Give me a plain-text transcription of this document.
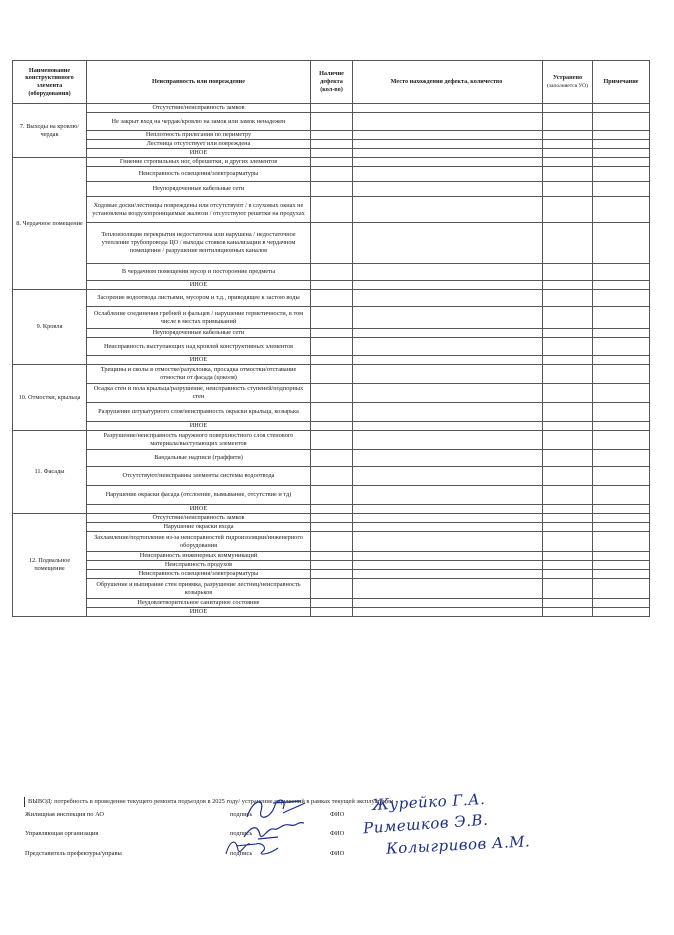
Наименование конструктивного элемента (оборудования)	Неисправность или повреждение	Наличие дефекта (кол-во)	Место нахождения дефекта, количество	Устранено
(заполняется УО)	Примечание
7. Выходы на кровлю/чердак	Отсутствие/неисправность замков				
	Не закрыт вход на чердак/кровлю на замок или замок ненадежен				
	Неплотность прилегания по периметру				
	Лестница отсутствует или повреждена				
	ИНОЕ				
8. Чердачное помещение	Гниение стропильных ног, обрешетки, и других элементов				
	Неисправность освещения/электроарматуры				
	Неупорядоченные кабельные сети				
	Ходовые доски/лестницы повреждены или отсутствуют / в слуховых окнах не установлены воздухопроницаемые жалюзи / отсутствуют решетки на продухах				
	Теплоизоляция перекрытия недостаточна или нарушена / недостаточное утепление трубопровода ЦО / выходы стояков канализации в чердачном помещении / разрушение вентиляционных каналов				
	В чердачном помещении мусор и посторонние предметы				
	ИНОЕ				
9. Кровля	Засорение водоотвода листьями, мусором и т.д., приводящее к застою воды				
	Ослабление соединения гребней и фальцев / нарушение герметичности, в том числе в местах примыканий				
	Неупорядоченные кабельные сети				
	Неисправность выступающих над кровлей конструктивных элементов				
	ИНОЕ				
10. Отмостки, крыльца	Трещины и сколы в отмостке/разуклонка, просадка отмостки/отставание отмостки от фасада (цоколя)				
	Осадка стен и пола крыльца/разрушение, неисправность ступеней/подпорных стен				
	Разрушение штукатурного слоя/неисправность окраски крыльца, козырька				
	ИНОЕ				
11. Фасады	Разрушение/неисправность наружного поверхностного слоя стенового материала/выступающих элементов				
	Вандальные надписи (граффити)				
	Отсутствуют/неисправны элементы системы водоотвода				
	Нарушение окраски фасада (отслоение, вымывание, отсутствие и тд)				
	ИНОЕ				
12. Подвальное помещение	Отсутствие/неисправность замков				
	Нарушение окраски входа				
	Захламление/подтопление из-за неисправностей гидроизоляции/инженерного оборудования				
	Неисправность инженерных коммуникаций				
	Неисправность продухов				
	Неисправность освещения/электроарматуры				
	Обрушение и выпирание стен приямка, разрушение лестниц/неисправность козырьков				
	Неудовлетворительное санитарное состояние				
	ИНОЕ				
ВЫВОД: потребность в проведение текущего ремонта подъездов в 2025 году/ устранение нарушений в рамках текущей эксплуатации
Жилищная инспекция по АО	подпись	ФИО
Управляющая организация	подпись	ФИО
Представитель префектуры/управы	подпись	ФИО
Журейко Г.А.
Римешков Э.В.
Колыгривов А.М.
